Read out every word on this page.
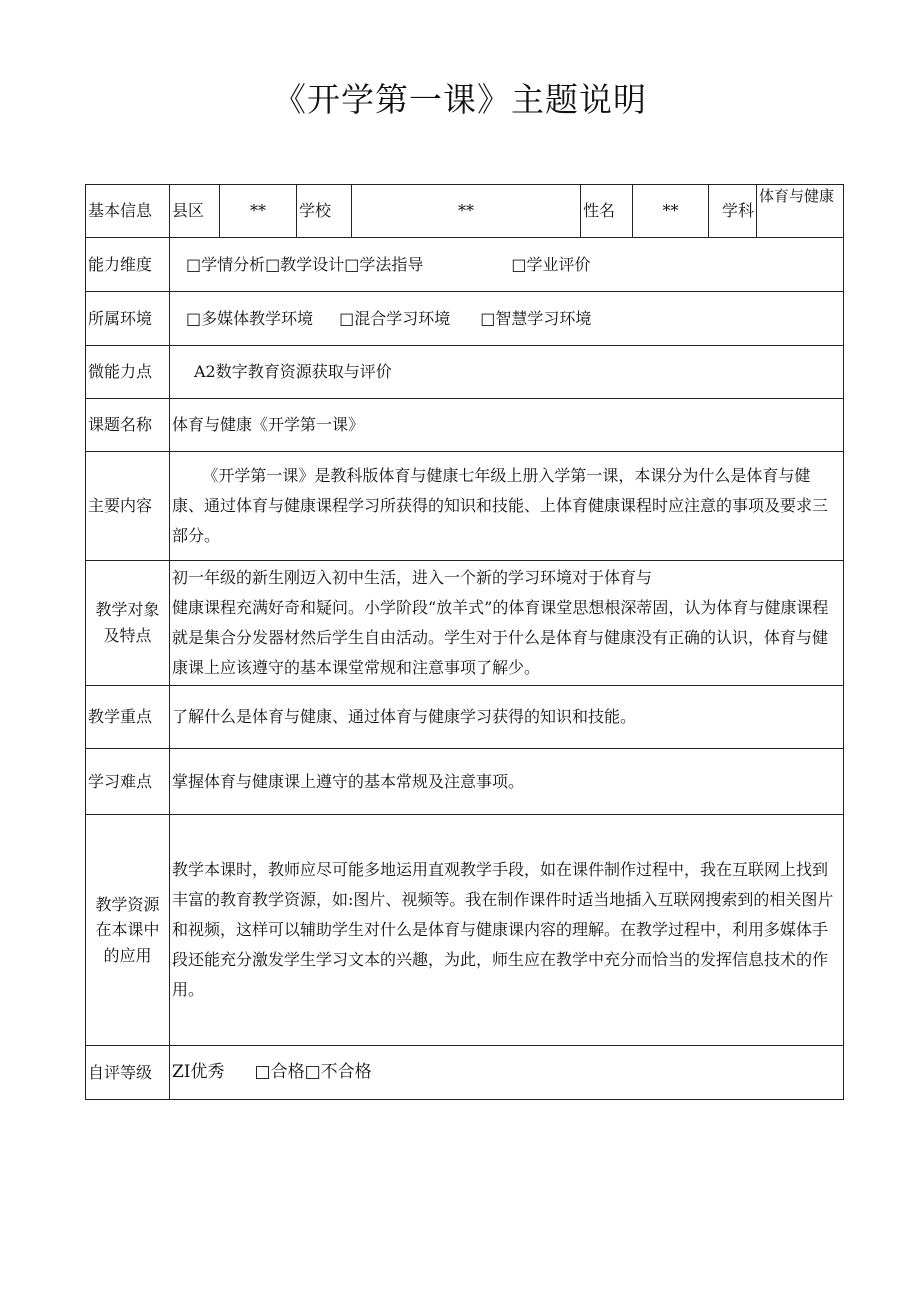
《开学第一课》主题说明
基本信息	县区	**	学校	**	性名	**	学科	体育与健康
能力维度	□学情分析□教学设计□学法指导 □学业评价							
所属环境	□多媒体教学环境 □混合学习环境 □智慧学习环境							
微能力点	A2数字教育资源获取与评价							
课题名称	体育与健康《开学第一课》							
主要内容	《开学第一课》是教科版体育与健康七年级上册入学第一课，本课分为什么是体育与健康、通过体育与健康课程学习所获得的知识和技能、上体育健康课程时应注意的事项及要求三部分。							
教学对象及特点	初一年级的新生刚迈入初中生活，进入一个新的学习环境对于体育与
健康课程充满好奇和疑问。小学阶段“放羊式”的体育课堂思想根深蒂固，认为体育与健康课程就是集合分发器材然后学生自由活动。学生对于什么是体育与健康没有正确的认识，体育与健康课上应该遵守的基本课堂常规和注意事项了解少。							

教学重点	了解什么是体育与健康、通过体育与健康学习获得的知识和技能。							
学习难点	掌握体育与健康课上遵守的基本常规及注意事项。							
教学资源在本课中的应用	教学本课时，教师应尽可能多地运用直观教学手段，如在课件制作过程中，我在互联网上找到丰富的教育教学资源，如:图片、视频等。我在制作课件时适当地插入互联网搜索到的相关图片和视频，这样可以辅助学生对什么是体育与健康课内容的理解。在教学过程中，利用多媒体手段还能充分激发学生学习文本的兴趣，为此，师生应在教学中充分而恰当的发挥信息技术的作用。							
自评等级	ZI优秀 □合格□不合格							
